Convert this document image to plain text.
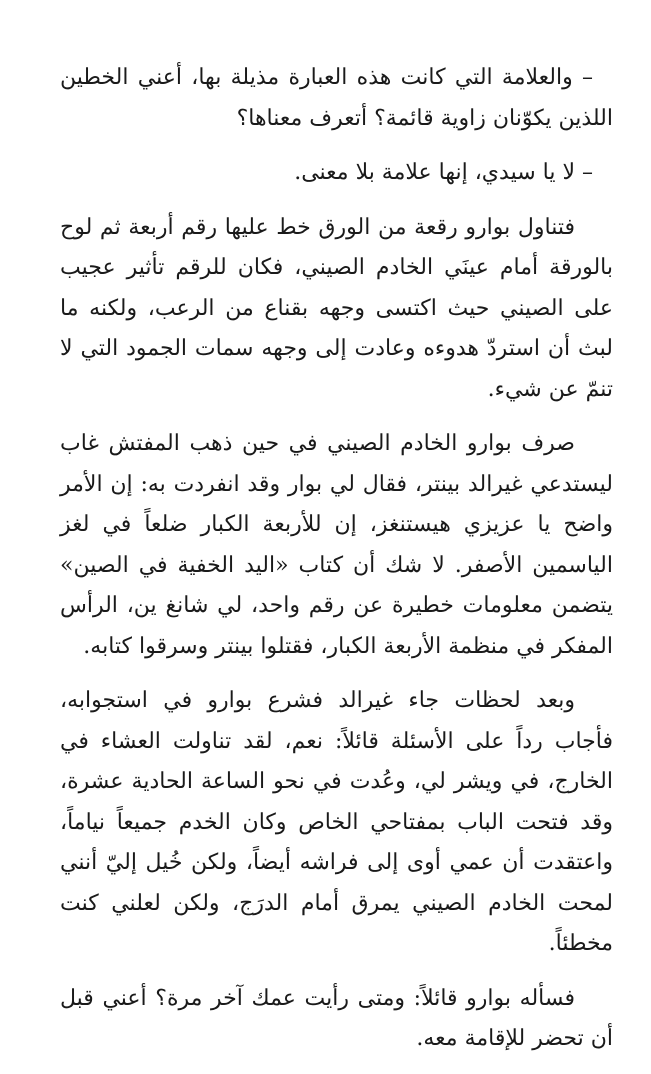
– والعلامة التي كانت هذه العبارة مذيلة بها، أعني الخطين اللذين يكوّنان زاوية قائمة؟ أتعرف معناها؟

– لا يا سيدي، إنها علامة بلا معنى.

فتناول بوارو رقعة من الورق خط عليها رقم أربعة ثم لوح بالورقة أمام عينَي الخادم الصيني، فكان للرقم تأثير عجيب على الصيني حيث اكتسى وجهه بقناع من الرعب، ولكنه ما لبث أن استردّ هدوءه وعادت إلى وجهه سمات الجمود التي لا تنمّ عن شيء.

صرف بوارو الخادم الصيني في حين ذهب المفتش غاب ليستدعي غيرالد بينتر، فقال لي بوار وقد انفردت به: إن الأمر واضح يا عزيزي هيستنغز، إن للأربعة الكبار ضلعاً في لغز الياسمين الأصفر. لا شك أن كتاب «اليد الخفية في الصين» يتضمن معلومات خطيرة عن رقم واحد، لي شانغ ين، الرأس المفكر في منظمة الأربعة الكبار، فقتلوا بينتر وسرقوا كتابه.

وبعد لحظات جاء غيرالد فشرع بوارو في استجوابه، فأجاب رداً على الأسئلة قائلاً: نعم، لقد تناولت العشاء في الخارج، في ويشر لي، وعُدت في نحو الساعة الحادية عشرة، وقد فتحت الباب بمفتاحي الخاص وكان الخدم جميعاً نياماً، واعتقدت أن عمي أوى إلى فراشه أيضاً، ولكن خُيل إليّ أنني لمحت الخادم الصيني يمرق أمام الدرَج، ولكن لعلني كنت مخطئاً.

فسأله بوارو قائلاً: ومتى رأيت عمك آخر مرة؟ أعني قبل أن تحضر للإقامة معه.
